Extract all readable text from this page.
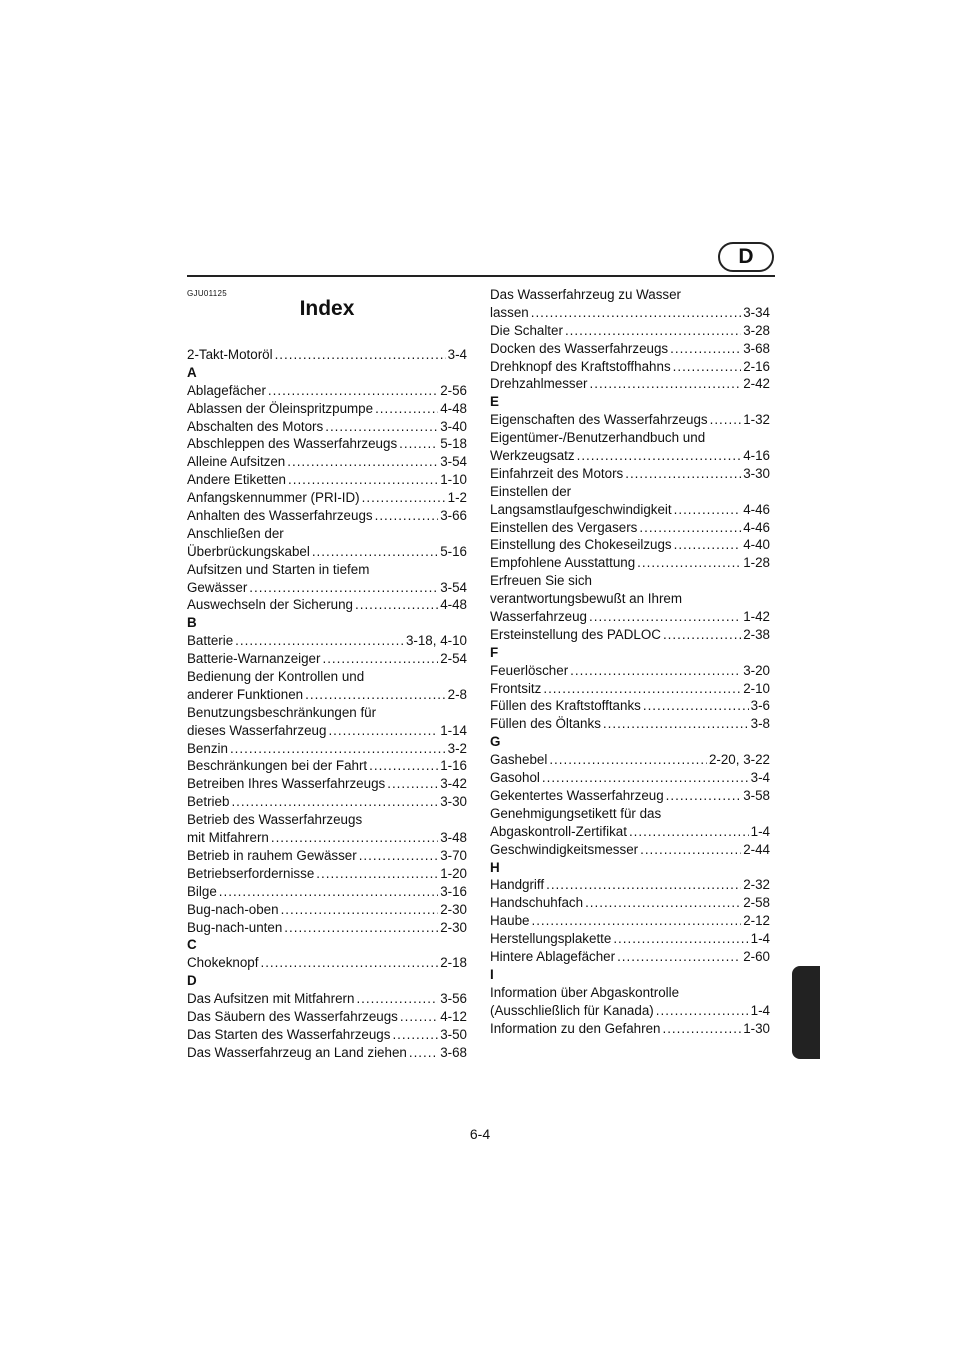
D
GJU01125
Index
2-Takt-Motoröl .....	3-4
A
Ablagefächer .....	2-56
Ablassen der Öleinspritzpumpe .....	4-48
Abschalten des Motors .....	3-40
Abschleppen des Wasserfahrzeugs .....	5-18
Alleine Aufsitzen .....	3-54
Andere Etiketten .....	1-10
Anfangskennummer (PRI-ID) .....	1-2
Anhalten des Wasserfahrzeugs .....	3-66
Anschließen der
Überbrückungskabel .....	5-16
Aufsitzen und Starten in tiefem
Gewässer .....	3-54
Auswechseln der Sicherung .....	4-48
B
Batterie .....	3-18, 4-10
Batterie-Warnanzeiger .....	2-54
Bedienung der Kontrollen und
anderer Funktionen .....	2-8
Benutzungsbeschränkungen für
dieses Wasserfahrzeug .....	1-14
Benzin .....	3-2
Beschränkungen bei der Fahrt .....	1-16
Betreiben Ihres Wasserfahrzeugs .....	3-42
Betrieb .....	3-30
Betrieb des Wasserfahrzeugs
mit Mitfahrern .....	3-48
Betrieb in rauhem Gewässer .....	3-70
Betriebserfordernisse .....	1-20
Bilge .....	3-16
Bug-nach-oben .....	2-30
Bug-nach-unten .....	2-30
C
Chokeknopf .....	2-18
D
Das Aufsitzen mit Mitfahrern .....	3-56
Das Säubern des Wasserfahrzeugs .....	4-12
Das Starten des Wasserfahrzeugs .....	3-50
Das Wasserfahrzeug an Land ziehen ..... 3-68
Das Wasserfahrzeug zu Wasser
lassen .....	3-34
Die Schalter .....	3-28
Docken des Wasserfahrzeugs .....	3-68
Drehknopf des Kraftstoffhahns .....	2-16
Drehzahlmesser .....	2-42
E
Eigenschaften des Wasserfahrzeugs .....	1-32
Eigentümer-/Benutzerhandbuch und
Werkzeugsatz .....	4-16
Einfahrzeit des Motors .....	3-30
Einstellen der
Langsamstlaufgeschwindigkeit .....	4-46
Einstellen des Vergasers .....	4-46
Einstellung des Chokeseilzugs .....	4-40
Empfohlene Ausstattung .....	1-28
Erfreuen Sie sich
verantwortungsbewußt an Ihrem
Wasserfahrzeug .....	1-42
Ersteinstellung des PADLOC .....	2-38
F
Feuerlöscher .....	3-20
Frontsitz .....	2-10
Füllen des Kraftstofftanks .....	3-6
Füllen des Öltanks .....	3-8
G
Gashebel .....	2-20, 3-22
Gasohol .....	3-4
Gekentertes Wasserfahrzeug .....	3-58
Genehmigungsetikett für das
Abgaskontroll-Zertifikat .....	1-4
Geschwindigkeitsmesser .....	2-44
H
Handgriff .....	2-32
Handschuhfach .....	2-58
Haube .....	2-12
Herstellungsplakette .....	1-4
Hintere Ablagefächer .....	2-60
I
Information über Abgaskontrolle
(Ausschließlich für Kanada) .....	1-4
Information zu den Gefahren .....	1-30
6-4
